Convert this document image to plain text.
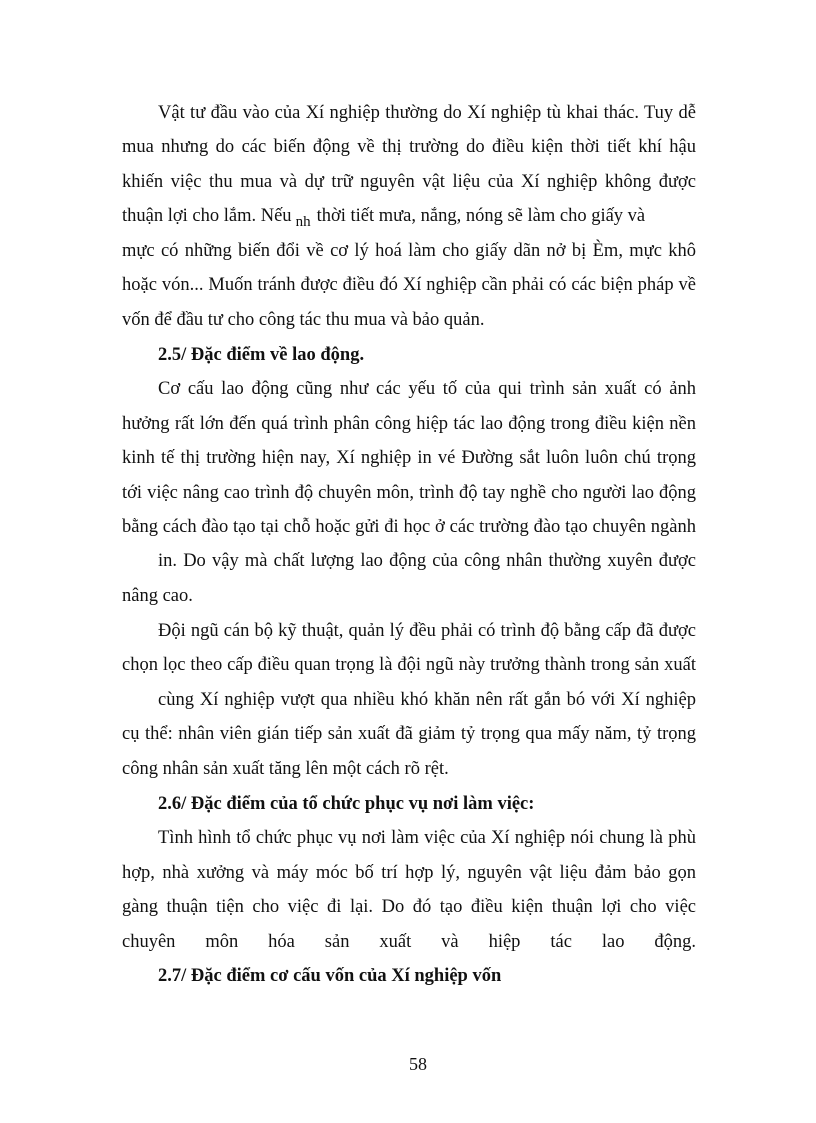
Vật tư đầu vào của Xí nghiệp thường do Xí nghiệp tù khai thác. Tuy dễ
mua nhưng do các biến động về thị trường do điều kiện thời tiết khí hậu
khiến việc thu mua và dự trữ nguyên vật liệu của Xí nghiệp không được
thuận lợi cho lắm. Nếu $_{nh}$ thời tiết mưa, nắng, nóng sẽ làm cho giấy và
mực có những biến đổi về cơ lý hoá làm cho giấy dãn nở bị Èm, mực khô
hoặc vón... Muốn tránh được điều đó Xí nghiệp cần phải có các biện pháp về
vốn để đầu tư cho công tác thu mua và bảo quản.
2.5/ Đặc điểm về lao động.
Cơ cấu lao động cũng như các yếu tố của qui trình sản xuất có ảnh
hưởng rất lớn đến quá trình phân công hiệp tác lao động trong điều kiện nền
kinh tế thị trường hiện nay, Xí nghiệp in vé Đường sắt luôn luôn chú trọng
tới việc nâng cao trình độ chuyên môn, trình độ tay nghề cho người lao động
bằng cách đào tạo tại chỗ hoặc gửi đi học ở các trường đào tạo chuyên ngành
in. Do vậy mà chất lượng lao động của công nhân thường xuyên được
nâng cao.
Đội ngũ cán bộ kỹ thuật, quản lý đều phải có trình độ bằng cấp đã được
chọn lọc theo cấp điều quan trọng là đội ngũ này trưởng thành trong sản xuất
cùng Xí nghiệp vượt qua nhiều khó khăn nên rất gắn bó với Xí nghiệp
cụ thể: nhân viên gián tiếp sản xuất đã giảm tỷ trọng qua mấy năm, tỷ trọng
công nhân sản xuất tăng lên một cách rõ rệt.
2.6/ Đặc điểm của tổ chức phục vụ nơi làm việc:
Tình hình tổ chức phục vụ nơi làm việc của Xí nghiệp nói chung là phù
hợp, nhà xưởng và máy móc bố trí hợp lý, nguyên vật liệu đảm bảo gọn
gàng thuận tiện cho việc đi lại. Do đó tạo điều kiện thuận lợi cho việc
chuyên môn hóa sản xuất và hiệp tác lao động.
2.7/ Đặc điểm cơ cấu vốn của Xí nghiệp vốn
58
